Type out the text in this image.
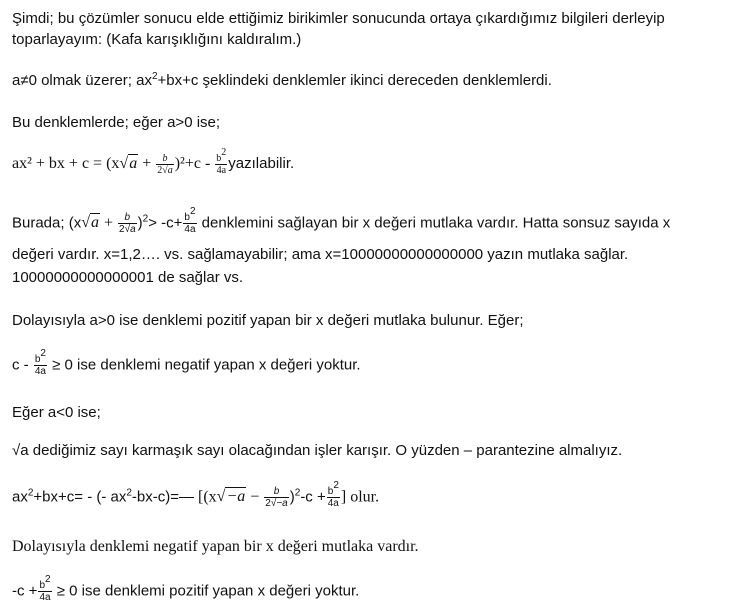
Şimdi; bu çözümler sonucu elde ettiğimiz birikimler sonucunda ortaya çıkardığımız bilgileri derleyip
toparlayayım: (Kafa karışıklığını kaldıralım.)
a≠0 olmak üzerer; $ax^2+bx+c$ şeklindeki denklemler ikinci dereceden denklemlerdi.
Bu denklemlerde; eğer a>0 ise;
ax² + bx + $c = (x√a + \frac{b}{2√a} )^2+c - \frac{b^2}{4a}$ yazılabilir.
Burada; $(x√a + \frac{b}{2√a} )^2> -c+ \frac{b^2}{4a}$ denklemini sağlayan bir x değeri mutlaka vardır. Hatta sonsuz sayıda x
değeri vardır. x=1,2…. vs. sağlamayabilir; ama x=10000000000000000 yazın mutlaka sağlar.
10000000000000001 de sağlar vs.
Dolayısıyla a>0 ise denklemi pozitif yapan bir x değeri mutlaka bulunur. Eğer;
$c - \frac{b^2}{4a} \ge 0$ ise denklemi negatif yapan x değeri yoktur.
Eğer a<0 ise;
√a dediğimiz sayı karmaşık sayı olacağından işler karışır. O yüzden – parantezine almalıyız.
$ax^2+bx+c=$ - (- $ax^2-bx-c)=—$ [$(x√-a - \frac{b}{2√-a} )^2-c + \frac{b^2}{4a}$ ] olur.
Dolayısıyla denklemi negatif yapan bir x değeri mutlaka vardır.
$-c + \frac{b^2}{4a} \ge 0$ ise denklemi pozitif yapan x değeri yoktur.
